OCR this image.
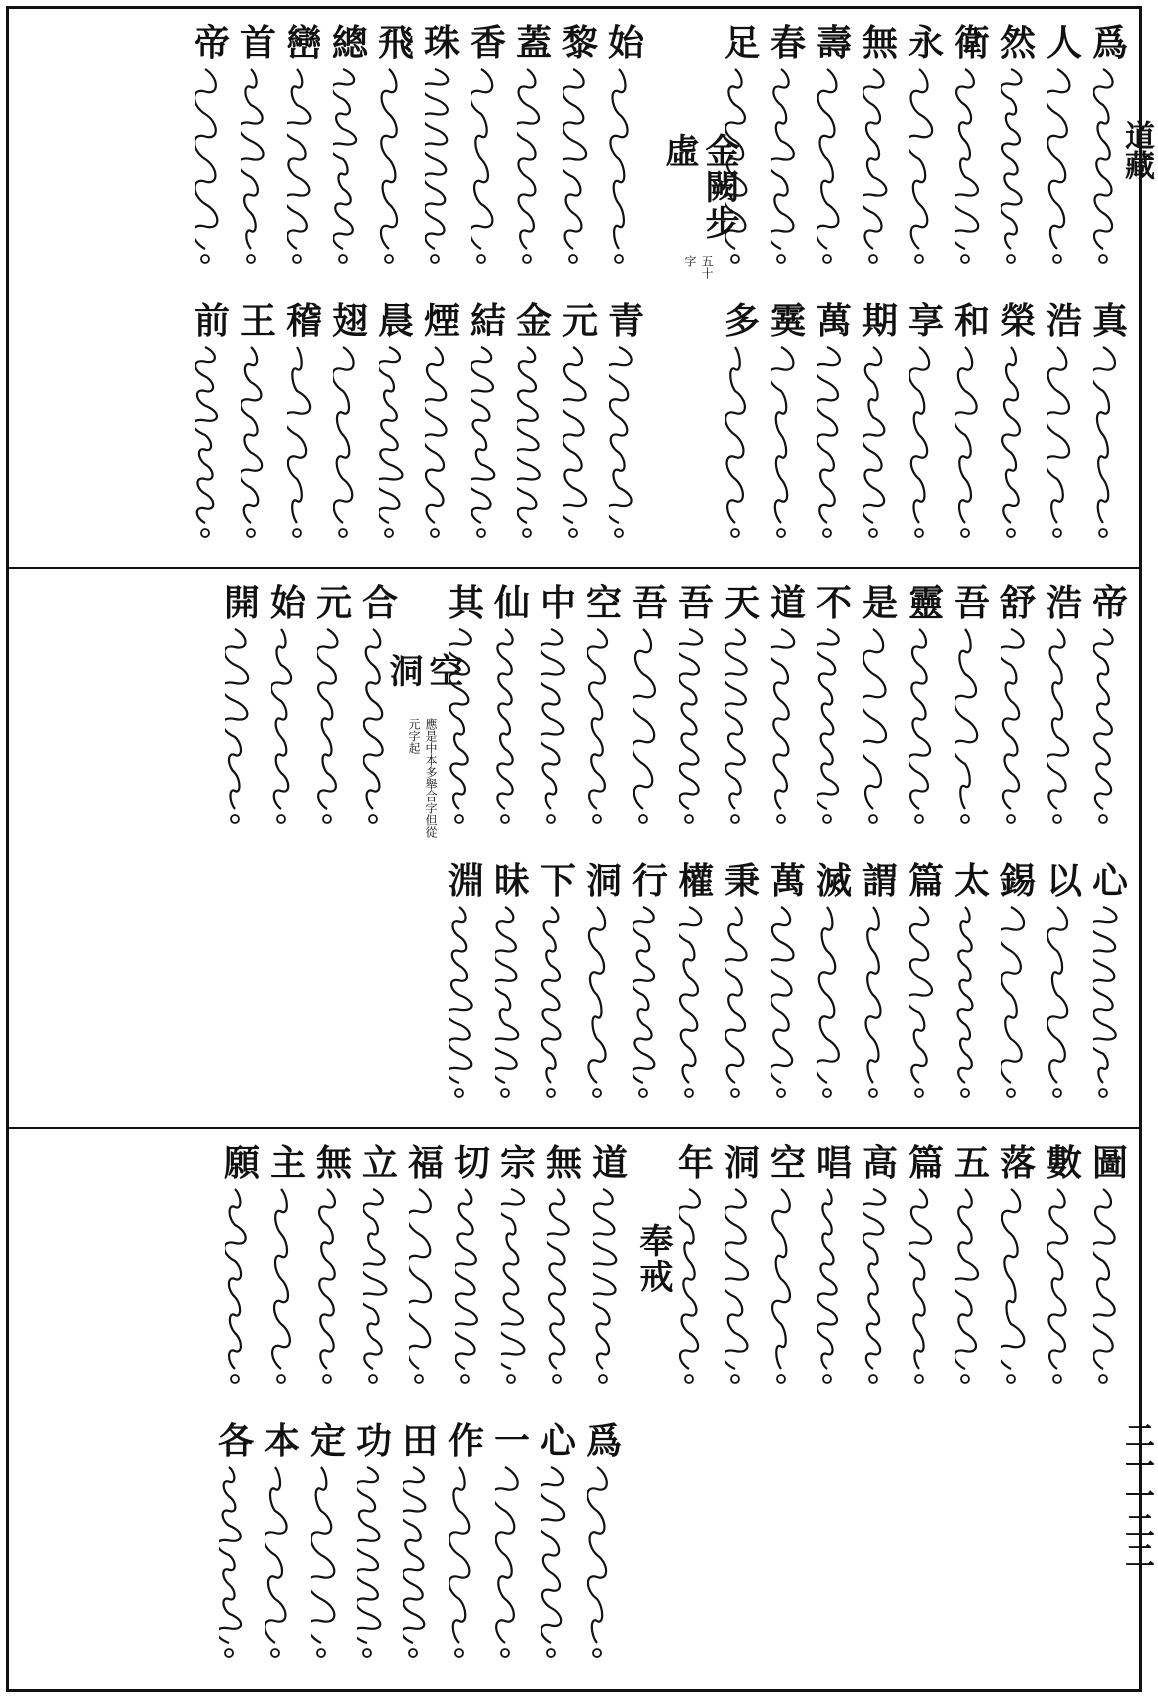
道藏
二一一二二
爲
人
然
衛
永
無
壽
春
足
金闕步虛
五十字
始
黎
蓋
香
珠
飛
總
巒
首
帝
真
浩
榮
和
享
期
萬
霙
多
青
元
金
結
煙
晨
翅
稽
王
前
帝
浩
舒
吾
靈
是
不
道
天
吾
吾
空
中
仙
其
空洞
應是中本多舉合字但從元字起
合
元
始
開
心
以
錫
太
篇
謂
滅
萬
秉
權
行
洞
下
昧
淵
圖
數
落
五
篇
高
唱
空
洞
年
奉戒
道
無
宗
切
福
立
無
主
願
爲
心
一
作
田
功
定
本
各
